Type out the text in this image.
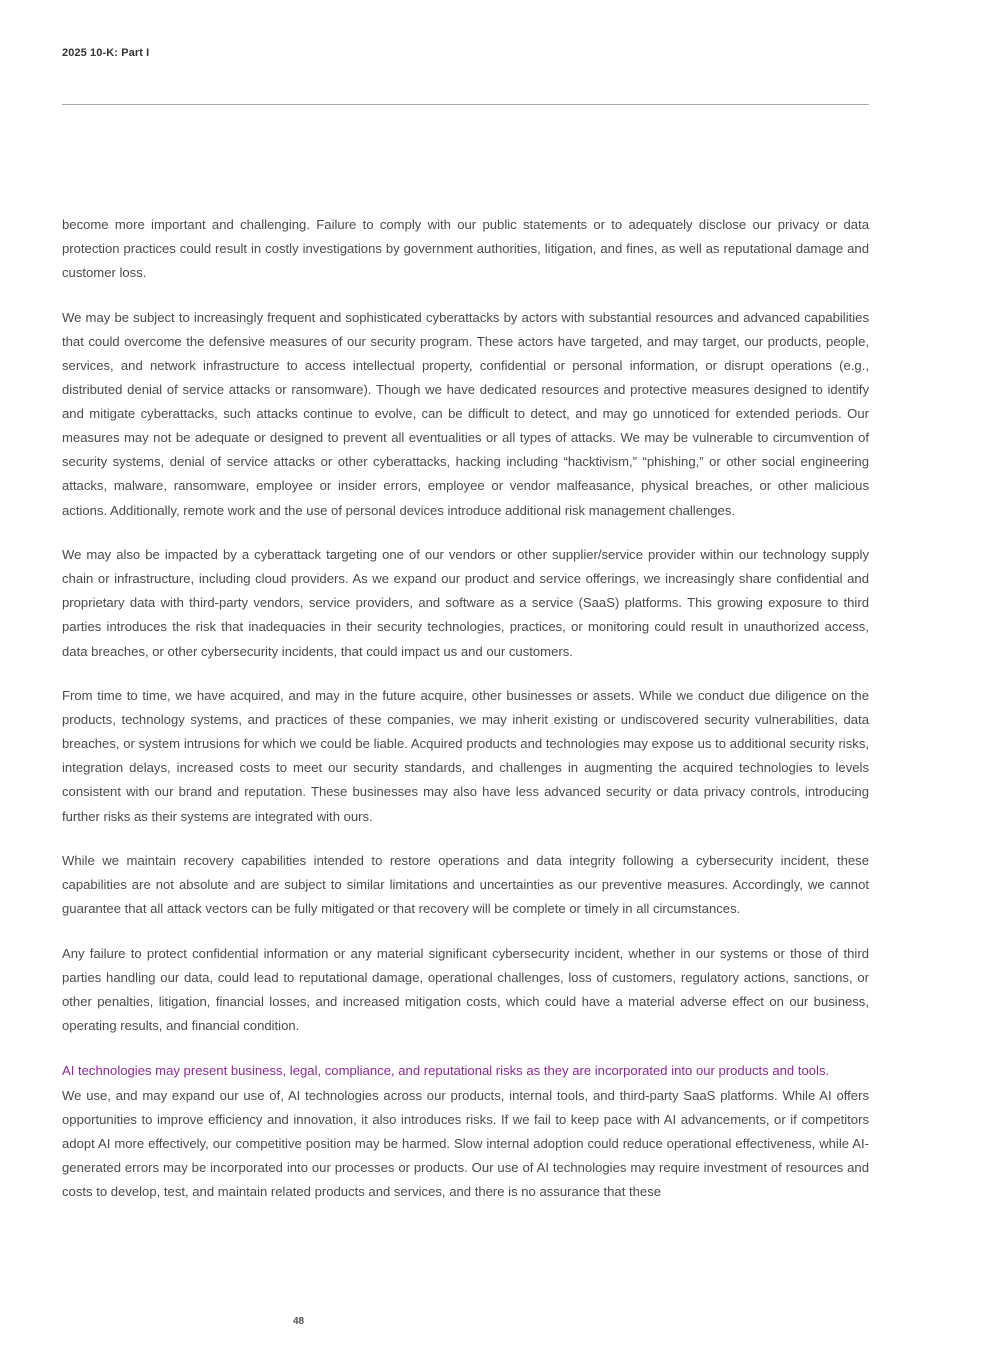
2025 10-K: Part I

become more important and challenging. Failure to comply with our public statements or to adequately disclose our privacy or data protection practices could result in costly investigations by government authorities, litigation, and fines, as well as reputational damage and customer loss.

We may be subject to increasingly frequent and sophisticated cyberattacks by actors with substantial resources and advanced capabilities that could overcome the defensive measures of our security program. These actors have targeted, and may target, our products, people, services, and network infrastructure to access intellectual property, confidential or personal information, or disrupt operations (e.g., distributed denial of service attacks or ransomware). Though we have dedicated resources and protective measures designed to identify and mitigate cyberattacks, such attacks continue to evolve, can be difficult to detect, and may go unnoticed for extended periods. Our measures may not be adequate or designed to prevent all eventualities or all types of attacks. We may be vulnerable to circumvention of security systems, denial of service attacks or other cyberattacks, hacking including “hacktivism,” “phishing,” or other social engineering attacks, malware, ransomware, employee or insider errors, employee or vendor malfeasance, physical breaches, or other malicious actions. Additionally, remote work and the use of personal devices introduce additional risk management challenges.

We may also be impacted by a cyberattack targeting one of our vendors or other supplier/service provider within our technology supply chain or infrastructure, including cloud providers. As we expand our product and service offerings, we increasingly share confidential and proprietary data with third-party vendors, service providers, and software as a service (SaaS) platforms. This growing exposure to third parties introduces the risk that inadequacies in their security technologies, practices, or monitoring could result in unauthorized access, data breaches, or other cybersecurity incidents, that could impact us and our customers.

From time to time, we have acquired, and may in the future acquire, other businesses or assets. While we conduct due diligence on the products, technology systems, and practices of these companies, we may inherit existing or undiscovered security vulnerabilities, data breaches, or system intrusions for which we could be liable. Acquired products and technologies may expose us to additional security risks, integration delays, increased costs to meet our security standards, and challenges in augmenting the acquired technologies to levels consistent with our brand and reputation. These businesses may also have less advanced security or data privacy controls, introducing further risks as their systems are integrated with ours.

While we maintain recovery capabilities intended to restore operations and data integrity following a cybersecurity incident, these capabilities are not absolute and are subject to similar limitations and uncertainties as our preventive measures. Accordingly, we cannot guarantee that all attack vectors can be fully mitigated or that recovery will be complete or timely in all circumstances.

Any failure to protect confidential information or any material significant cybersecurity incident, whether in our systems or those of third parties handling our data, could lead to reputational damage, operational challenges, loss of customers, regulatory actions, sanctions, or other penalties, litigation, financial losses, and increased mitigation costs, which could have a material adverse effect on our business, operating results, and financial condition.

AI technologies may present business, legal, compliance, and reputational risks as they are incorporated into our products and tools.

We use, and may expand our use of, AI technologies across our products, internal tools, and third-party SaaS platforms. While AI offers opportunities to improve efficiency and innovation, it also introduces risks. If we fail to keep pace with AI advancements, or if competitors adopt AI more effectively, our competitive position may be harmed. Slow internal adoption could reduce operational effectiveness, while AI-generated errors may be incorporated into our processes or products. Our use of AI technologies may require investment of resources and costs to develop, test, and maintain related products and services, and there is no assurance that these

48
